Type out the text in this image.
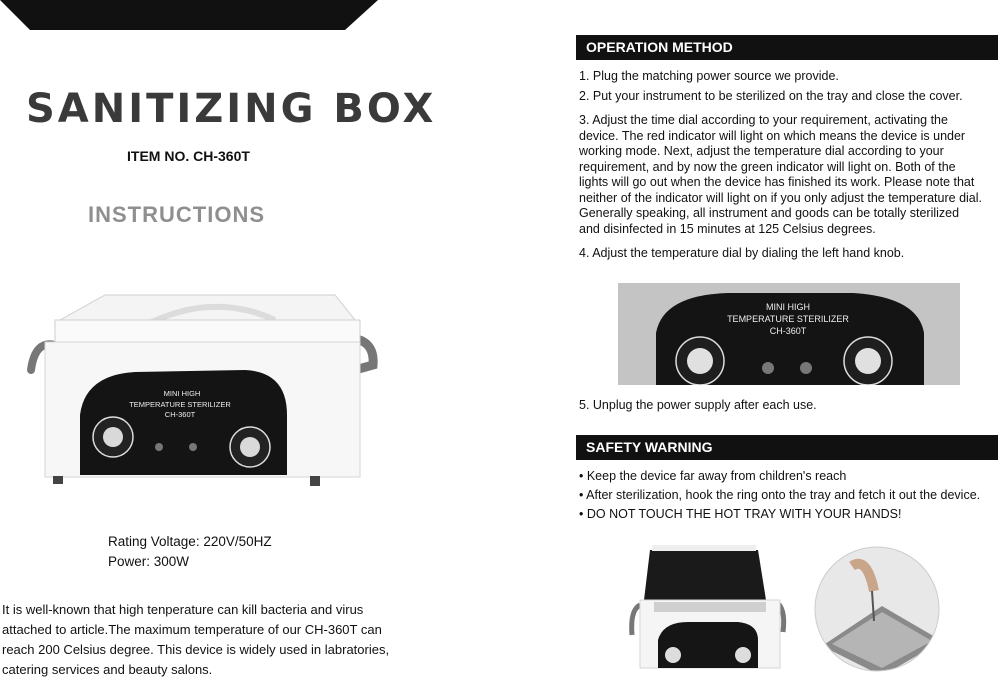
SANITIZING BOX
ITEM NO. CH-360T
INSTRUCTIONS
MINI HIGH
TEMPERATURE STERILIZER
CH-360T
Rating Voltage: 220V/50HZ
Power: 300W
It is well-known that high tenperature can kill bacteria and virus
attached to article.The maximum temperature of our CH-360T can
reach 200 Celsius degree. This device is widely used in labratories,
catering services and beauty salons.
OPERATION METHOD
1. Plug the matching power source we provide.
2. Put your instrument to be sterilized on the tray and close the cover.
3. Adjust the time dial according to your requirement, activating the
device. The red indicator will light on which means the device is under
working mode. Next, adjust the temperature dial according to your
requirement, and by now the green indicator will light on. Both of the
lights will go out when the device has finished its work. Please note that
neither of the indicator will light on if you only adjust the temperature dial.
Generally speaking, all instrument and goods can be totally sterilized
and disinfected in 15 minutes at 125 Celsius degrees.
4. Adjust the temperature dial by dialing the left hand knob.
MINI HIGH
TEMPERATURE STERILIZER
CH-360T
5. Unplug the power supply after each use.
SAFETY WARNING
• Keep the device far away from children's reach
• After sterilization, hook the ring onto the tray and fetch it out the device.
• DO NOT TOUCH THE HOT TRAY WITH YOUR HANDS!
